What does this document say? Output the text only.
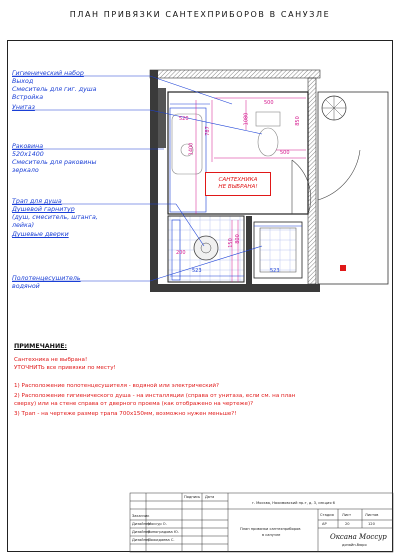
ПЛАН ПРИВЯЗКИ САНТЕХПРИБОРОВ В САНУЗЛЕ
520
1400
787
500
500
1080	850
150 800
523	523
200
САНТЕХНИКА
НЕ ВЫБРАНА!
Гигиенический набор
Выход
Смеситель для гиг. душа
Встройка
Унитаз
Раковина
520х1400
Смеситель для раковины
зеркало
Трап для душа
Душевой гарнитур
(душ, смеситель, штанга,
лейка)
Душевые дверки
Полотенцесушитель
водяной
ПРИМЕЧАНИЕ:
Сантехника не выбрана!
УТОЧНИТЬ все привязки по месту!
1) Расположение полотенцесушителя - водяной или электрический?
2) Расположение гигиенического душа - на инсталляции (справа от унитаза, если см. на план
сверху) или на стене справа от дверного проема (как отображено на чертеже)?
3) Трап - на чертеже размер трапа 700х150мм, возможно нужен меньше?!
Подпись Дата
г. Москва, Нахимовский пр-т, д. 3, секция 6
Заказчик
Дизайнер
Моссур О.
Дизайнер
Виноградова Ю.
Дизайнер
Пожидаева С.
План привязки сантехприборов
в санузле
Стадия Лист	Листов
АР	20	120
Оксана Моссур
дизайн-бюро
